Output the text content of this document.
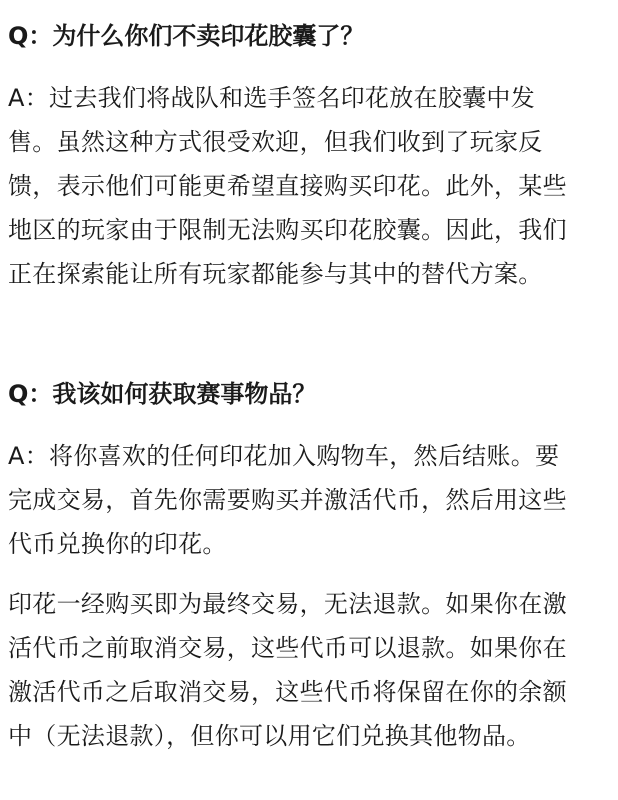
Q：为什么你们不卖印花胶囊了？

A：过去我们将战队和选手签名印花放在胶囊中发
售。虽然这种方式很受欢迎，但我们收到了玩家反
馈，表示他们可能更希望直接购买印花。此外，某些
地区的玩家由于限制无法购买印花胶囊。因此，我们
正在探索能让所有玩家都能参与其中的替代方案。

Q：我该如何获取赛事物品？

A：将你喜欢的任何印花加入购物车，然后结账。要
完成交易，首先你需要购买并激活代币，然后用这些
代币兑换你的印花。

印花一经购买即为最终交易，无法退款。如果你在激
活代币之前取消交易，这些代币可以退款。如果你在
激活代币之后取消交易，这些代币将保留在你的余额
中（无法退款），但你可以用它们兑换其他物品。
